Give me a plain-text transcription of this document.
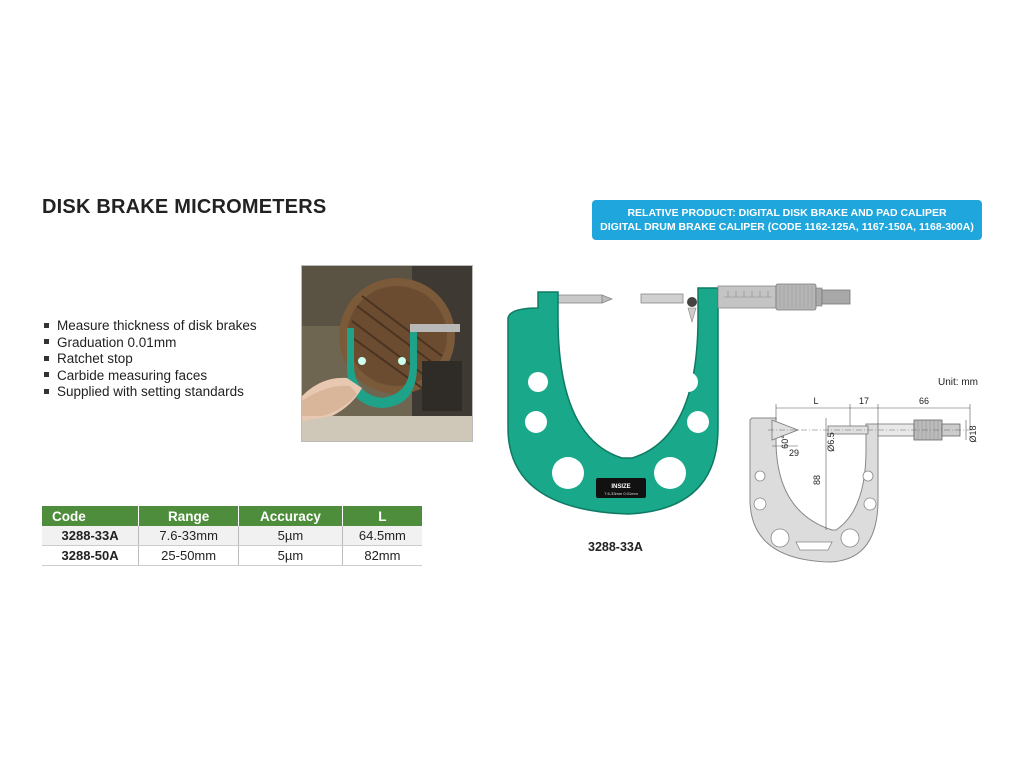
DISK BRAKE MICROMETERS	RELATIVE PRODUCT: DIGITAL DISK BRAKE AND PAD CALIPER
DIGITAL DRUM BRAKE CALIPER (CODE 1162-125A, 1167-150A, 1168-300A)
Measure thickness of disk brakes
Graduation 0.01mm
Ratchet stop
Carbide measuring faces
Supplied with setting standards
Code	Range	Accuracy	L
3288-33A	7.6-33mm	5µm	64.5mm
3288-50A	25-50mm	5µm	82mm
INSIZE
7.6-33mm 0.01mm
3288-33A
Unit: mm
L	17	66
Ø18
60°
29
Ø6.5
88
